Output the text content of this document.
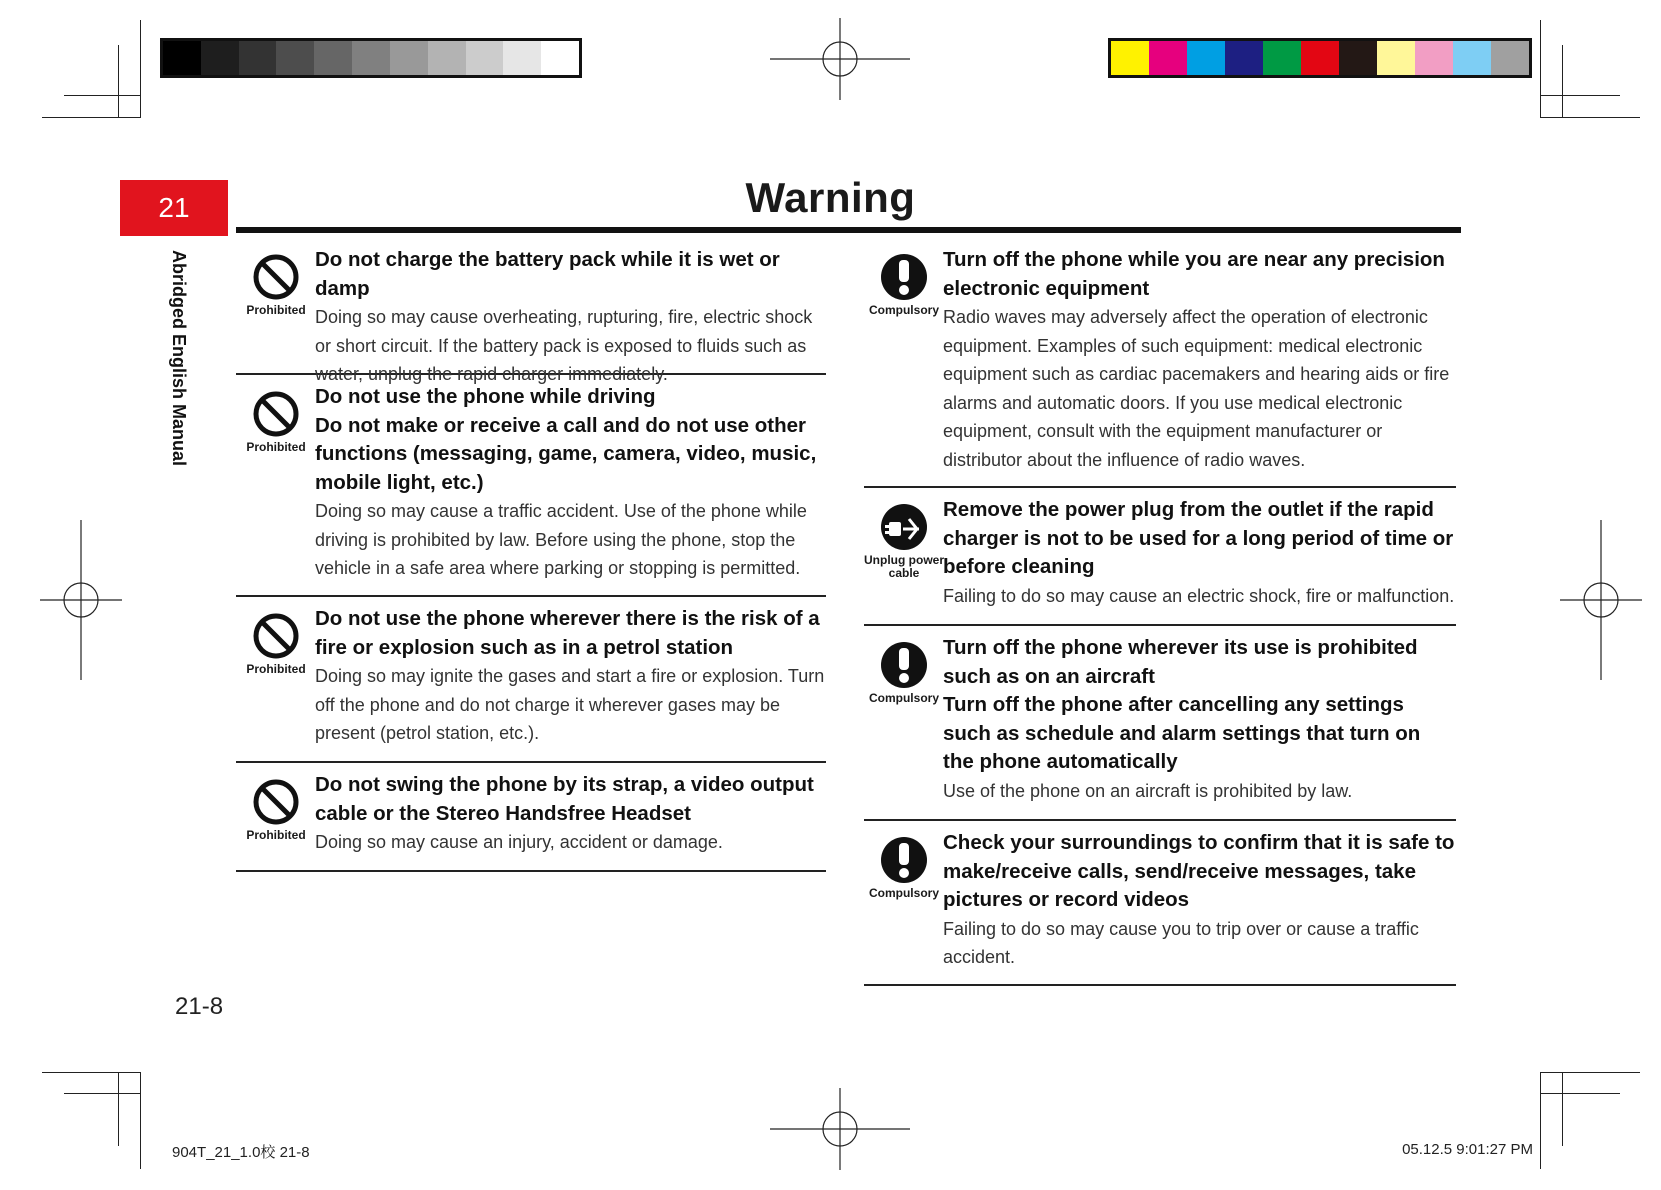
21	Warning
Abridged English Manual	Prohibited
Do not charge the battery pack while it is wet or damp
Doing so may cause overheating, rupturing, fire, electric shock or short circuit. If the battery pack is exposed to fluids such as water, unplug the rapid charger immediately.
Prohibited
Do not use the phone while driving
Do not make or receive a call and do not use other functions (messaging, game, camera, video, music, mobile light, etc.)
Doing so may cause a traffic accident. Use of the phone while driving is prohibited by law. Before using the phone, stop the vehicle in a safe area where parking or stopping is permitted.
Prohibited
Do not use the phone wherever there is the risk of a fire or explosion such as in a petrol station
Doing so may ignite the gases and start a fire or explosion. Turn off the phone and do not charge it wherever gases may be present (petrol station, etc.).
Prohibited
Do not swing the phone by its strap, a video output cable or the Stereo Handsfree Headset
Doing so may cause an injury, accident or damage.
Compulsory
Turn off the phone while you are near any precision electronic equipment
Radio waves may adversely affect the operation of electronic equipment. Examples of such equipment: medical electronic equipment such as cardiac pacemakers and hearing aids or fire alarms and automatic doors. If you use medical electronic equipment, consult with the equipment manufacturer or distributor about the influence of radio waves.
Unplug power cable
Remove the power plug from the outlet if the rapid charger is not to be used for a long period of time or before cleaning
Failing to do so may cause an electric shock, fire or malfunction.
Compulsory
Turn off the phone wherever its use is prohibited such as on an aircraft
Turn off the phone after cancelling any settings such as schedule and alarm settings that turn on the phone automatically
Use of the phone on an aircraft is prohibited by law.
Compulsory
Check your surroundings to confirm that it is safe to make/receive calls, send/receive messages, take pictures or record videos
Failing to do so may cause you to trip over or cause a traffic accident.
21-8
904T_21_1.0校 21-8	05.12.5 9:01:27 PM
